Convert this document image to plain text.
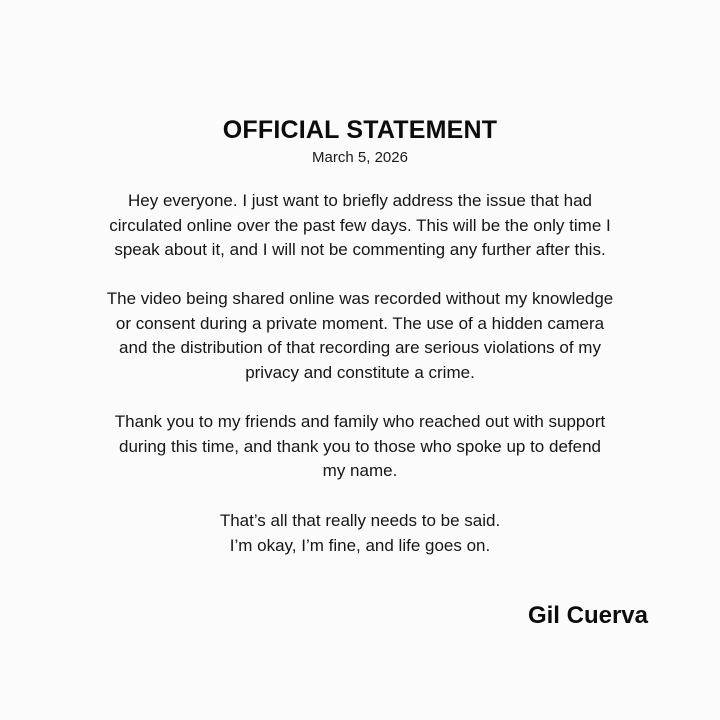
OFFICIAL STATEMENT
March 5, 2026
Hey everyone. I just want to briefly address the issue that had
circulated online over the past few days. This will be the only time I
speak about it, and I will not be commenting any further after this.
The video being shared online was recorded without my knowledge
or consent during a private moment. The use of a hidden camera
and the distribution of that recording are serious violations of my
privacy and constitute a crime.
Thank you to my friends and family who reached out with support
during this time, and thank you to those who spoke up to defend
my name.
That’s all that really needs to be said.
I’m okay, I’m fine, and life goes on.
Gil Cuerva
